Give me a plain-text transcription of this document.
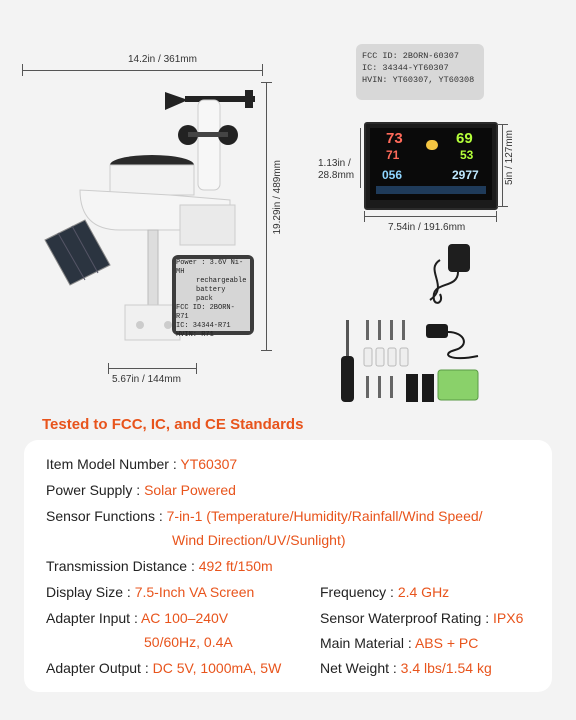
14.2in / 361mm
19.29in / 489mm
Power : 3.6V Ni-MH
rechargeable
battery pack
FCC ID: 2BORN-R71
IC: 34344-R71
HVIN: R71
5.67in / 144mm
FCC ID: 2BORN-60307
IC: 34344-YT60307
HVIN: YT60307, YT60308
1.13in /
28.8mm
73
71
69
53
056	2977	5in / 127mm
7.54in / 191.6mm
Tested to FCC, IC, and CE Standards
Item Model Number : YT60307
Power Supply : Solar Powered
Sensor Functions : 7-in-1 (Temperature/Humidity/Rainfall/Wind Speed/
Wind Direction/UV/Sunlight)
Transmission Distance : 492 ft/150m
Display Size : 7.5-Inch VA Screen
Adapter Input : AC 100–240V
50/60Hz, 0.4A
Adapter Output : DC 5V, 1000mA, 5W
Frequency : 2.4 GHz
Sensor Waterproof Rating : IPX6
Main Material : ABS + PC
Net Weight : 3.4 lbs/1.54 kg
